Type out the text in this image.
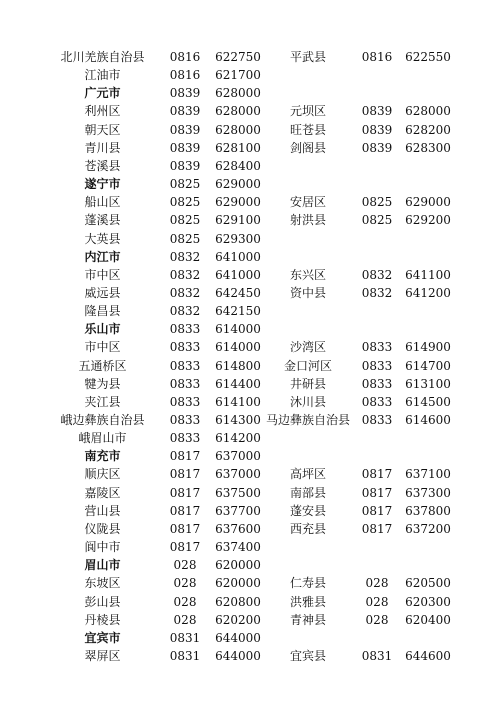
北川羌族自治县	0816	622750	平武县	0816	622550
江油市	0816	621700
广元市	0839	628000
利州区	0839	628000	元坝区	0839	628000
朝天区	0839	628000	旺苍县	0839	628200
青川县	0839	628100	剑阁县	0839	628300
苍溪县	0839	628400
遂宁市	0825	629000
船山区	0825	629000	安居区	0825	629000
蓬溪县	0825	629100	射洪县	0825	629200
大英县	0825	629300
内江市	0832	641000
市中区	0832	641000	东兴区	0832	641100
威远县	0832	642450	资中县	0832	641200
隆昌县	0832	642150
乐山市	0833	614000
市中区	0833	614000	沙湾区	0833	614900
五通桥区	0833	614800	金口河区	0833	614700
犍为县	0833	614400	井研县	0833	613100
夹江县	0833	614100	沐川县	0833	614500
峨边彝族自治县	0833	614300 马边彝族自治县 0833	614600
峨眉山市	0833	614200
南充市	0817	637000
顺庆区	0817	637000	高坪区	0817	637100
嘉陵区	0817	637500	南部县	0817	637300
营山县	0817	637700	蓬安县	0817	637800
仪陇县	0817	637600	西充县	0817	637200
阆中市	0817	637400
眉山市	028	620000
东坡区	028	620000	仁寿县	028	620500
彭山县	028	620800	洪雅县	028	620300
丹棱县	028	620200	青神县	028	620400
宜宾市	0831	644000
翠屏区	0831	644000	宜宾县	0831	644600
